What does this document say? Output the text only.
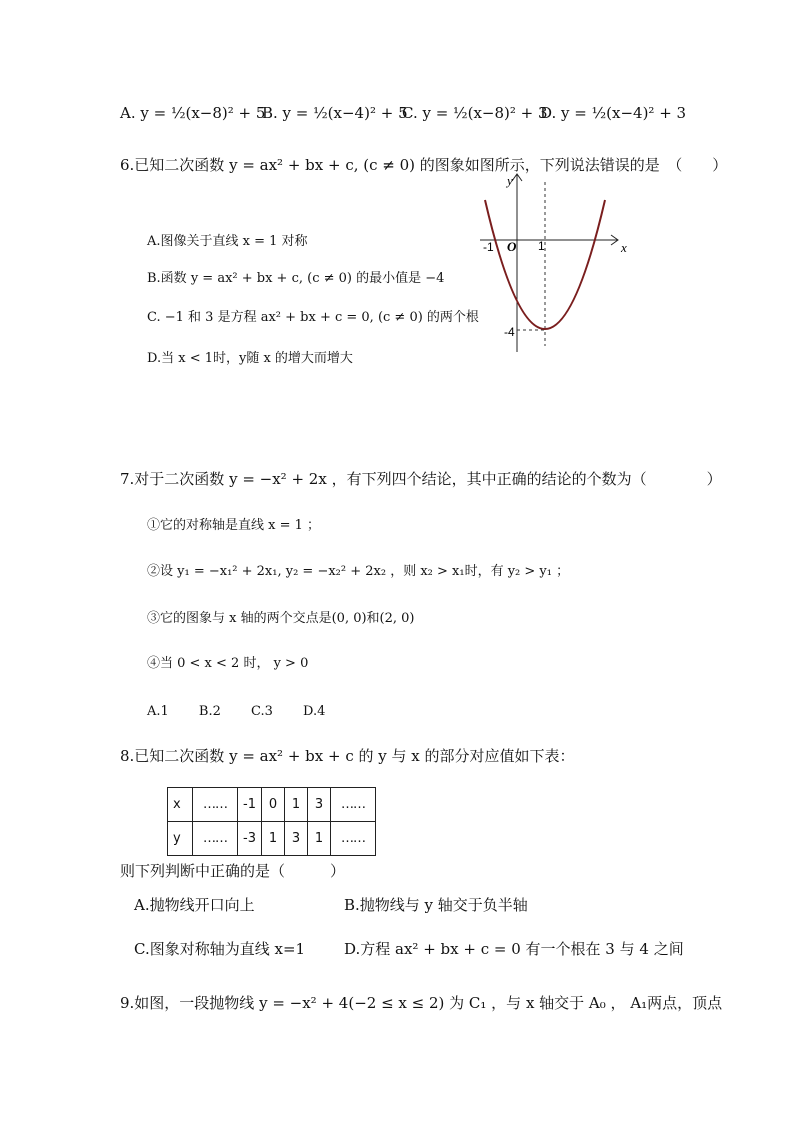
A. y = ½(x−8)² + 5
B. y = ½(x−4)² + 5
C. y = ½(x−8)² + 3
D. y = ½(x−4)² + 3
6.已知二次函数 y = ax² + bx + c, (c ≠ 0) 的图象如图所示，下列说法错误的是　（　　）
A.图像关于直线 x = 1 对称
B.函数 y = ax² + bx + c, (c ≠ 0) 的最小值是 −4
C. −1 和 3 是方程 ax² + bx + c = 0, (c ≠ 0) 的两个根
D.当 x < 1时，y随 x 的增大而增大
x
y
O
-1	1
-4
7.对于二次函数 y = −x² + 2x ，有下列四个结论，其中正确的结论的个数为（　　　　）
①它的对称轴是直线 x = 1 ；
②设 y₁ = −x₁² + 2x₁, y₂ = −x₂² + 2x₂ ，则 x₂ > x₁时，有 y₂ > y₁ ；
③它的图象与 x 轴的两个交点是(0, 0)和(2, 0)
④当 0 < x < 2 时， y > 0
A.1　　 B.2　　 C.3　　 D.4
8.已知二次函数 y = ax² + bx + c 的 y 与 x 的部分对应值如下表：
x	……	-1	0	1	3	……
y	……	-3	1	3	1	……
则下列判断中正确的是（　　　）
A.抛物线开口向上	B.抛物线与 y 轴交于负半轴
C.图象对称轴为直线 x=1	D.方程 ax² + bx + c = 0 有一个根在 3 与 4 之间
9.如图，一段抛物线 y = −x² + 4(−2 ≤ x ≤ 2) 为 C₁ ，与 x 轴交于 A₀ ， A₁两点，顶点
